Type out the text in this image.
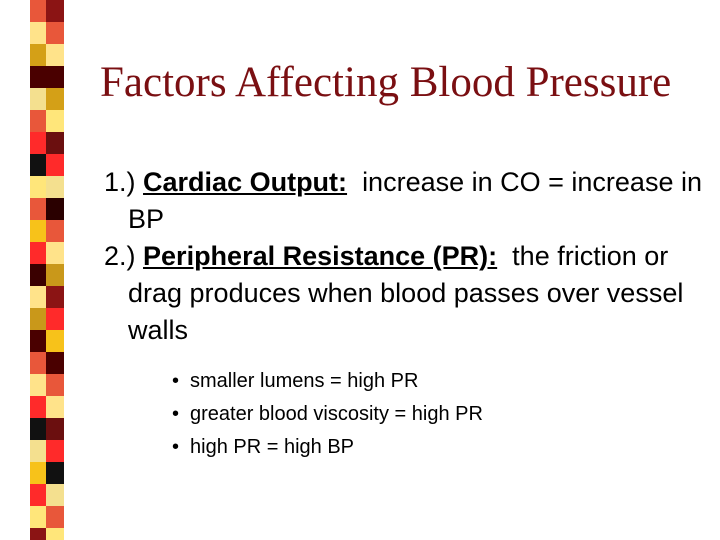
Factors Affecting Blood Pressure
1.) Cardiac Output: increase in CO = increase in BP
2.) Peripheral Resistance (PR): the friction or drag produces when blood passes over vessel walls
• smaller lumens = high PR
• greater blood viscosity = high PR
• high PR = high BP
